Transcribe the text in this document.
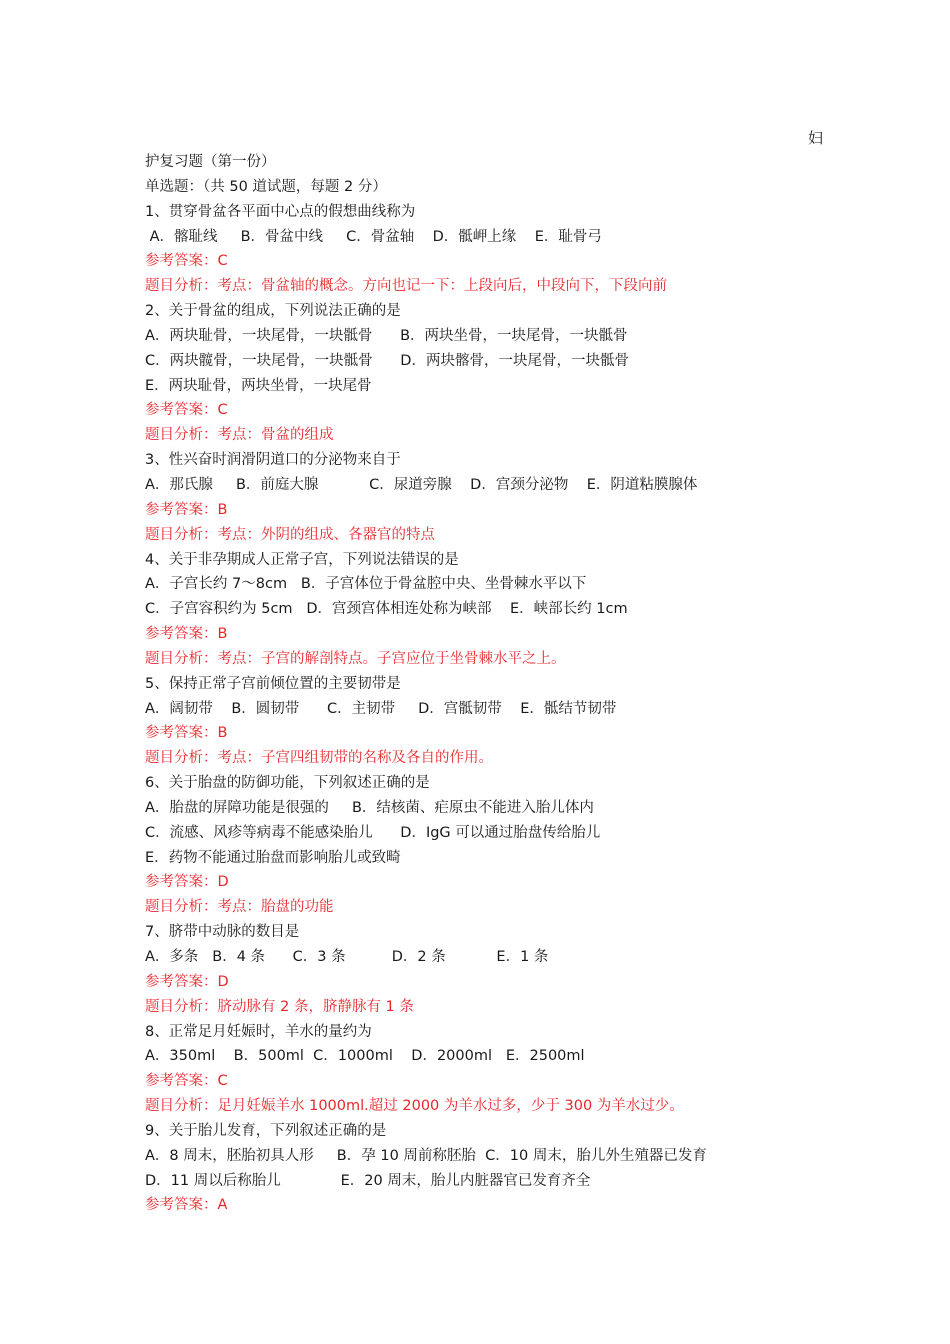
妇
护复习题（第一份）
单选题：（共 50 道试题，每题 2 分）
1、贯穿骨盆各平面中心点的假想曲线称为
A．髂耻线     B．骨盆中线     C．骨盆轴    D．骶岬上缘    E．耻骨弓
参考答案：C
题目分析：考点：骨盆轴的概念。方向也记一下：上段向后，中段向下，下段向前
2、关于骨盆的组成，下列说法正确的是
A．两块耻骨，一块尾骨，一块骶骨      B．两块坐骨，一块尾骨，一块骶骨
C．两块髋骨，一块尾骨，一块骶骨      D．两块髂骨，一块尾骨，一块骶骨
E．两块耻骨，两块坐骨，一块尾骨
参考答案：C
题目分析：考点：骨盆的组成
3、性兴奋时润滑阴道口的分泌物来自于
A．那氏腺     B．前庭大腺           C．尿道旁腺    D．宫颈分泌物    E．阴道粘膜腺体
参考答案：B
题目分析：考点：外阴的组成、各器官的特点
4、关于非孕期成人正常子宫，下列说法错误的是
A．子宫长约 7～8cm   B．子宫体位于骨盆腔中央、坐骨棘水平以下
C．子宫容积约为 5cm   D．宫颈宫体相连处称为峡部    E．峡部长约 1cm
参考答案：B
题目分析：考点：子宫的解剖特点。子宫应位于坐骨棘水平之上。
5、保持正常子宫前倾位置的主要韧带是
A．阔韧带    B．圆韧带      C．主韧带     D．宫骶韧带    E．骶结节韧带
参考答案：B
题目分析：考点：子宫四组韧带的名称及各自的作用。
6、关于胎盘的防御功能，下列叙述正确的是
A．胎盘的屏障功能是很强的     B．结核菌、疟原虫不能进入胎儿体内
C．流感、风疹等病毒不能感染胎儿      D．IgG 可以通过胎盘传给胎儿
E．药物不能通过胎盘而影响胎儿或致畸
参考答案：D
题目分析：考点：胎盘的功能
7、脐带中动脉的数目是
A．多条   B．4 条      C．3 条          D．2 条           E．1 条
参考答案：D
题目分析：脐动脉有 2 条，脐静脉有 1 条
8、正常足月妊娠时，羊水的量约为
A．350ml    B．500ml  C．1000ml    D．2000ml   E．2500ml
参考答案：C
题目分析：足月妊娠羊水 1000ml.超过 2000 为羊水过多，少于 300 为羊水过少。
9、关于胎儿发育，下列叙述正确的是
A．8 周末，胚胎初具人形     B．孕 10 周前称胚胎  C．10 周末，胎儿外生殖器已发育
D．11 周以后称胎儿             E．20 周末，胎儿内脏器官已发育齐全
参考答案：A
